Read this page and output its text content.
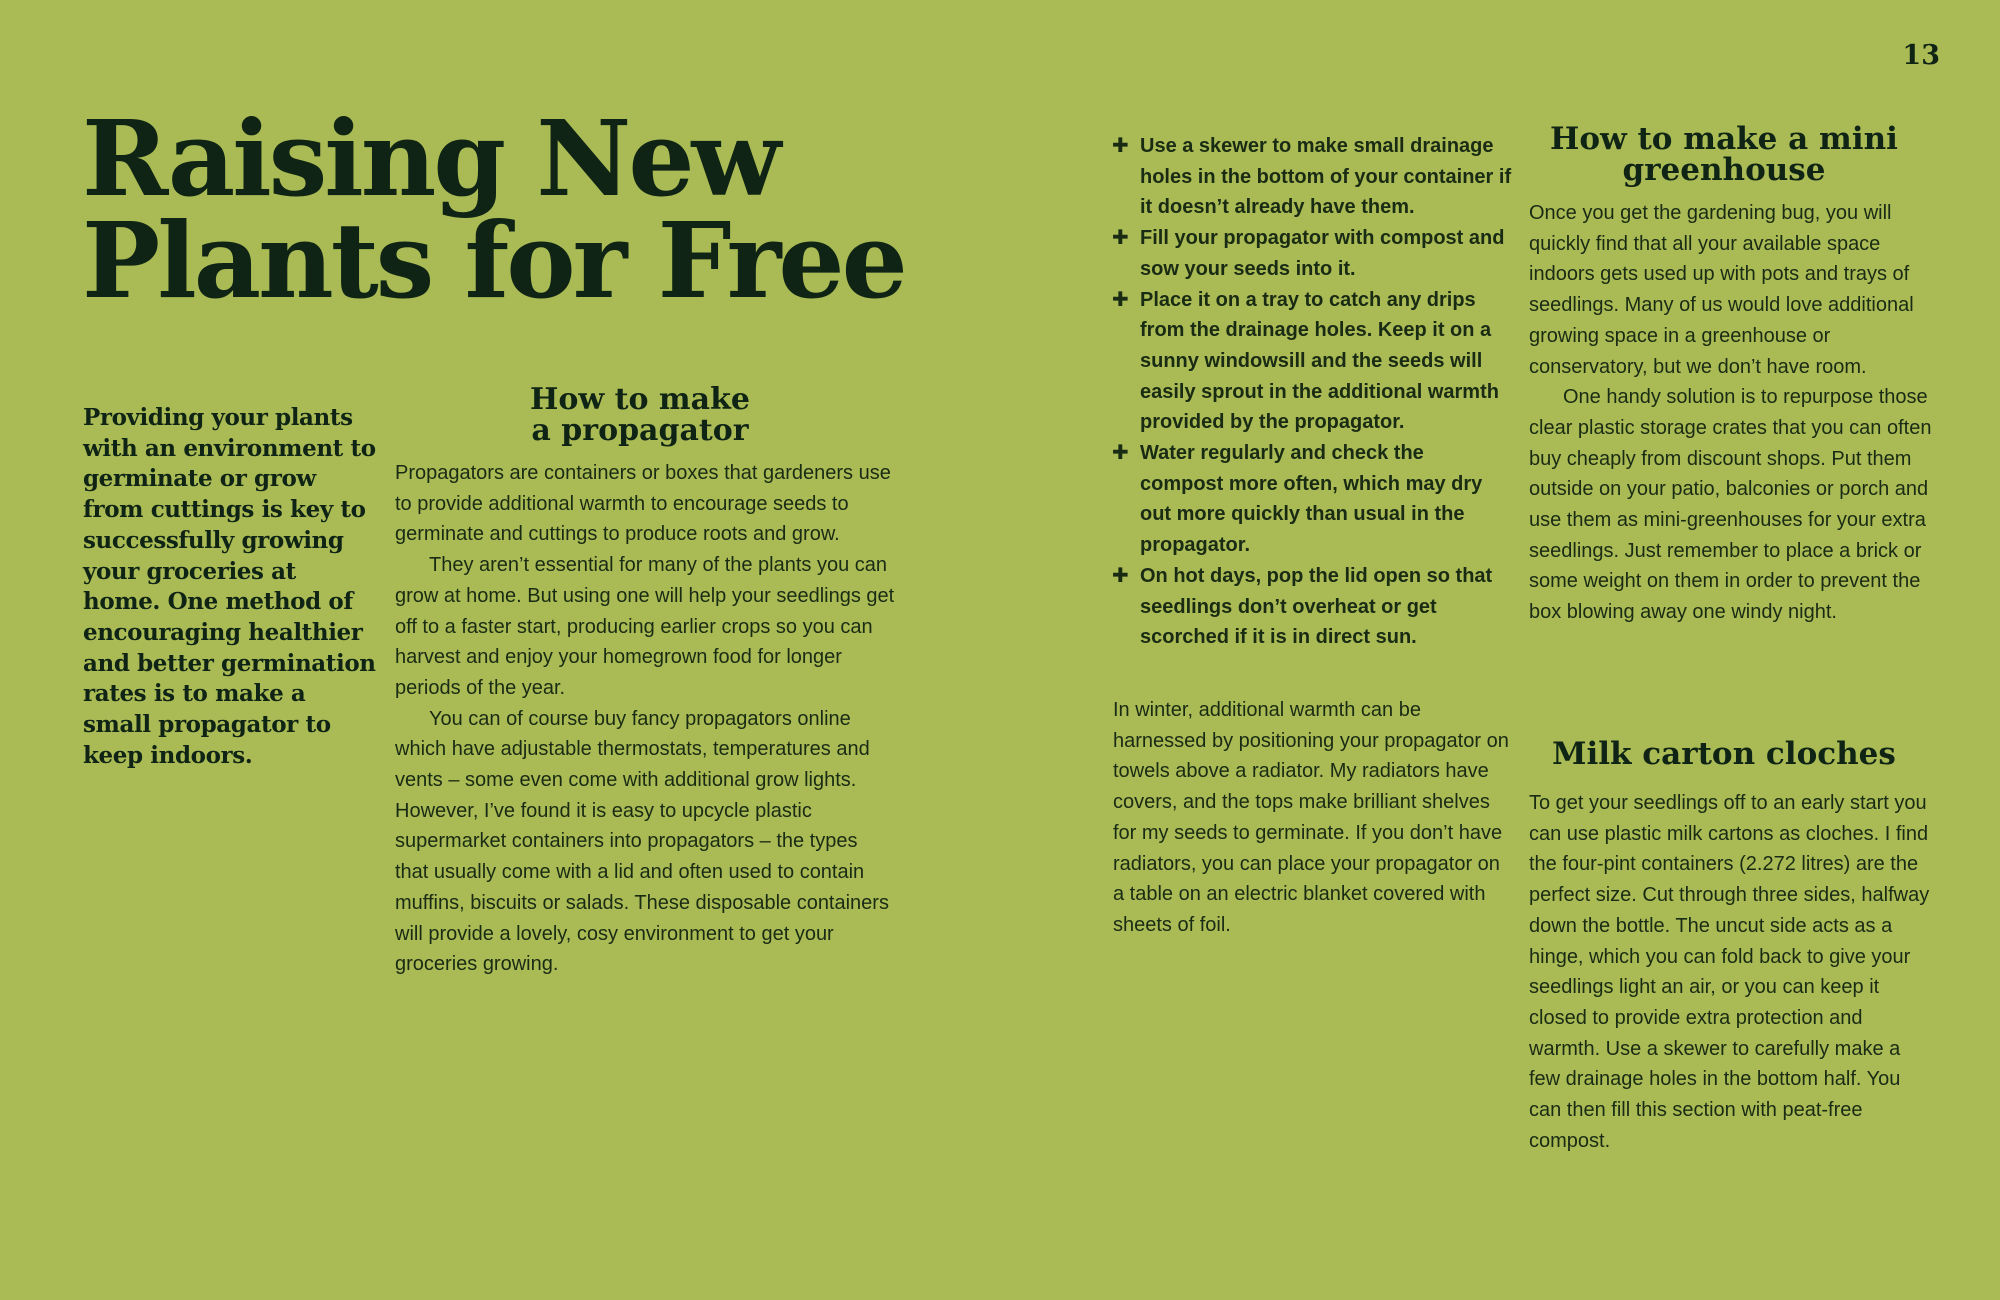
13
Raising New
Plants for Free

Providing your plants with an environment to germinate or grow from cuttings is key to successfully growing your groceries at home. One method of encouraging healthier and better germination rates is to make a small propagator to keep indoors.

How to make
a propagator

Propagators are containers or boxes that gardeners use to provide additional warmth to encourage seeds to germinate and cuttings to produce roots and grow.

They aren’t essential for many of the plants you can grow at home. But using one will help your seedlings get off to a faster start, producing earlier crops so you can harvest and enjoy your homegrown food for longer periods of the year.

You can of course buy fancy propagators online which have adjustable thermostats, temperatures and vents – some even come with additional grow lights. However, I’ve found it is easy to upcycle plastic supermarket containers into propagators – the types that usually come with a lid and often used to contain muffins, biscuits or salads. These disposable containers will provide a lovely, cosy environment to get your groceries growing.

✚ Use a skewer to make small drainage holes in the bottom of your container if it doesn’t already have them.
✚ Fill your propagator with compost and sow your seeds into it.
✚ Place it on a tray to catch any drips from the drainage holes. Keep it on a sunny windowsill and the seeds will easily sprout in the additional warmth provided by the propagator.
✚ Water regularly and check the compost more often, which may dry out more quickly than usual in the propagator.
✚ On hot days, pop the lid open so that seedlings don’t overheat or get scorched if it is in direct sun.

In winter, additional warmth can be harnessed by positioning your propagator on towels above a radiator. My radiators have covers, and the tops make brilliant shelves for my seeds to germinate. If you don’t have radiators, you can place your propagator on a table on an electric blanket covered with sheets of foil.

How to make a mini
greenhouse

Once you get the gardening bug, you will quickly find that all your available space indoors gets used up with pots and trays of seedlings. Many of us would love additional growing space in a greenhouse or conservatory, but we don’t have room.

One handy solution is to repurpose those clear plastic storage crates that you can often buy cheaply from discount shops. Put them outside on your patio, balconies or porch and use them as mini-greenhouses for your extra seedlings. Just remember to place a brick or some weight on them in order to prevent the box blowing away one windy night.

Milk carton cloches

To get your seedlings off to an early start you can use plastic milk cartons as cloches. I find the four-pint containers (2.272 litres) are the perfect size. Cut through three sides, halfway down the bottle. The uncut side acts as a hinge, which you can fold back to give your seedlings light an air, or you can keep it closed to provide extra protection and warmth. Use a skewer to carefully make a few drainage holes in the bottom half. You can then fill this section with peat-free compost.
